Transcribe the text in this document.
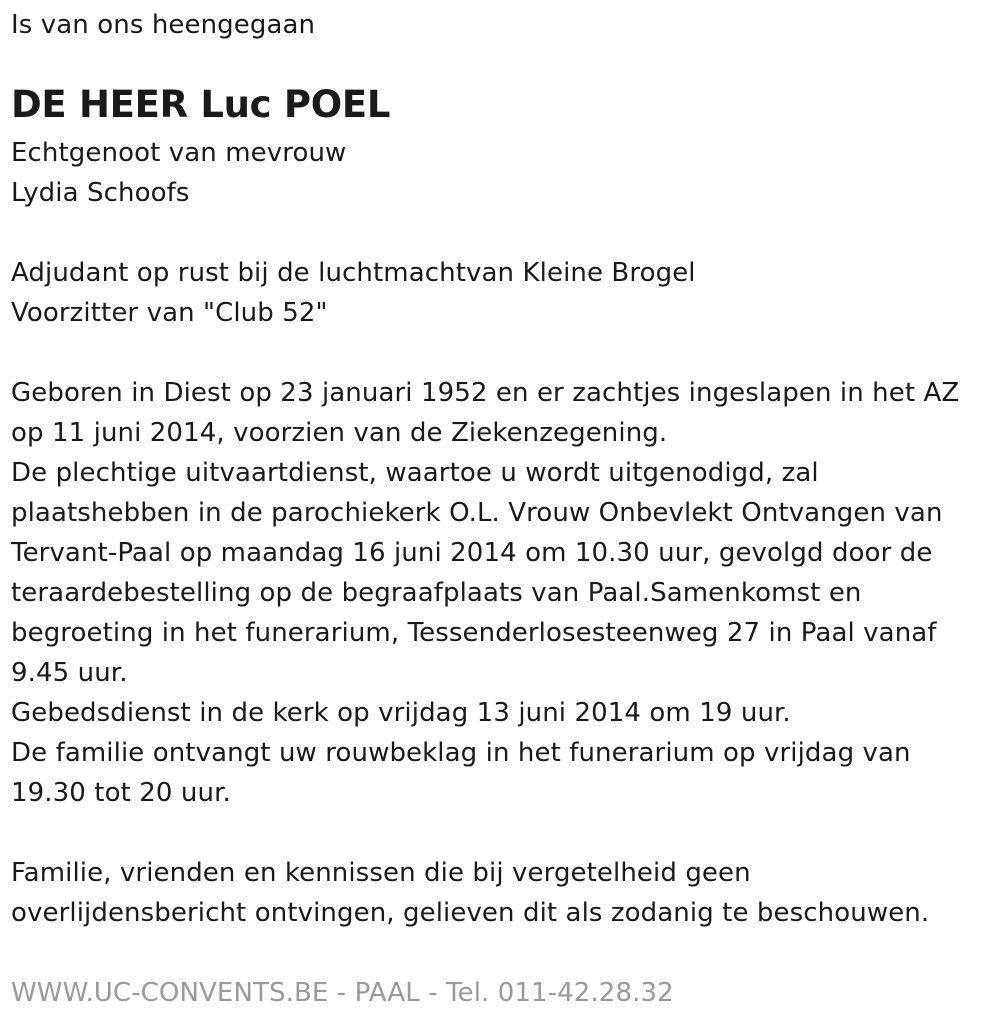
Is van ons heengegaan
DE HEER Luc POEL
Echtgenoot van mevrouw
Lydia Schoofs
Adjudant op rust bij de luchtmachtvan Kleine Brogel
Voorzitter van "Club 52"
Geboren in Diest op 23 januari 1952 en er zachtjes ingeslapen in het AZ
op 11 juni 2014, voorzien van de Ziekenzegening.
De plechtige uitvaartdienst, waartoe u wordt uitgenodigd, zal
plaatshebben in de parochiekerk O.L. Vrouw Onbevlekt Ontvangen van
Tervant-Paal op maandag 16 juni 2014 om 10.30 uur, gevolgd door de
teraardebestelling op de begraafplaats van Paal.Samenkomst en
begroeting in het funerarium, Tessenderlosesteenweg 27 in Paal vanaf
9.45 uur.
Gebedsdienst in de kerk op vrijdag 13 juni 2014 om 19 uur.
De familie ontvangt uw rouwbeklag in het funerarium op vrijdag van
19.30 tot 20 uur.
Familie, vrienden en kennissen die bij vergetelheid geen
overlijdensbericht ontvingen, gelieven dit als zodanig te beschouwen.
WWW.UC-CONVENTS.BE - PAAL - Tel. 011-42.28.32
